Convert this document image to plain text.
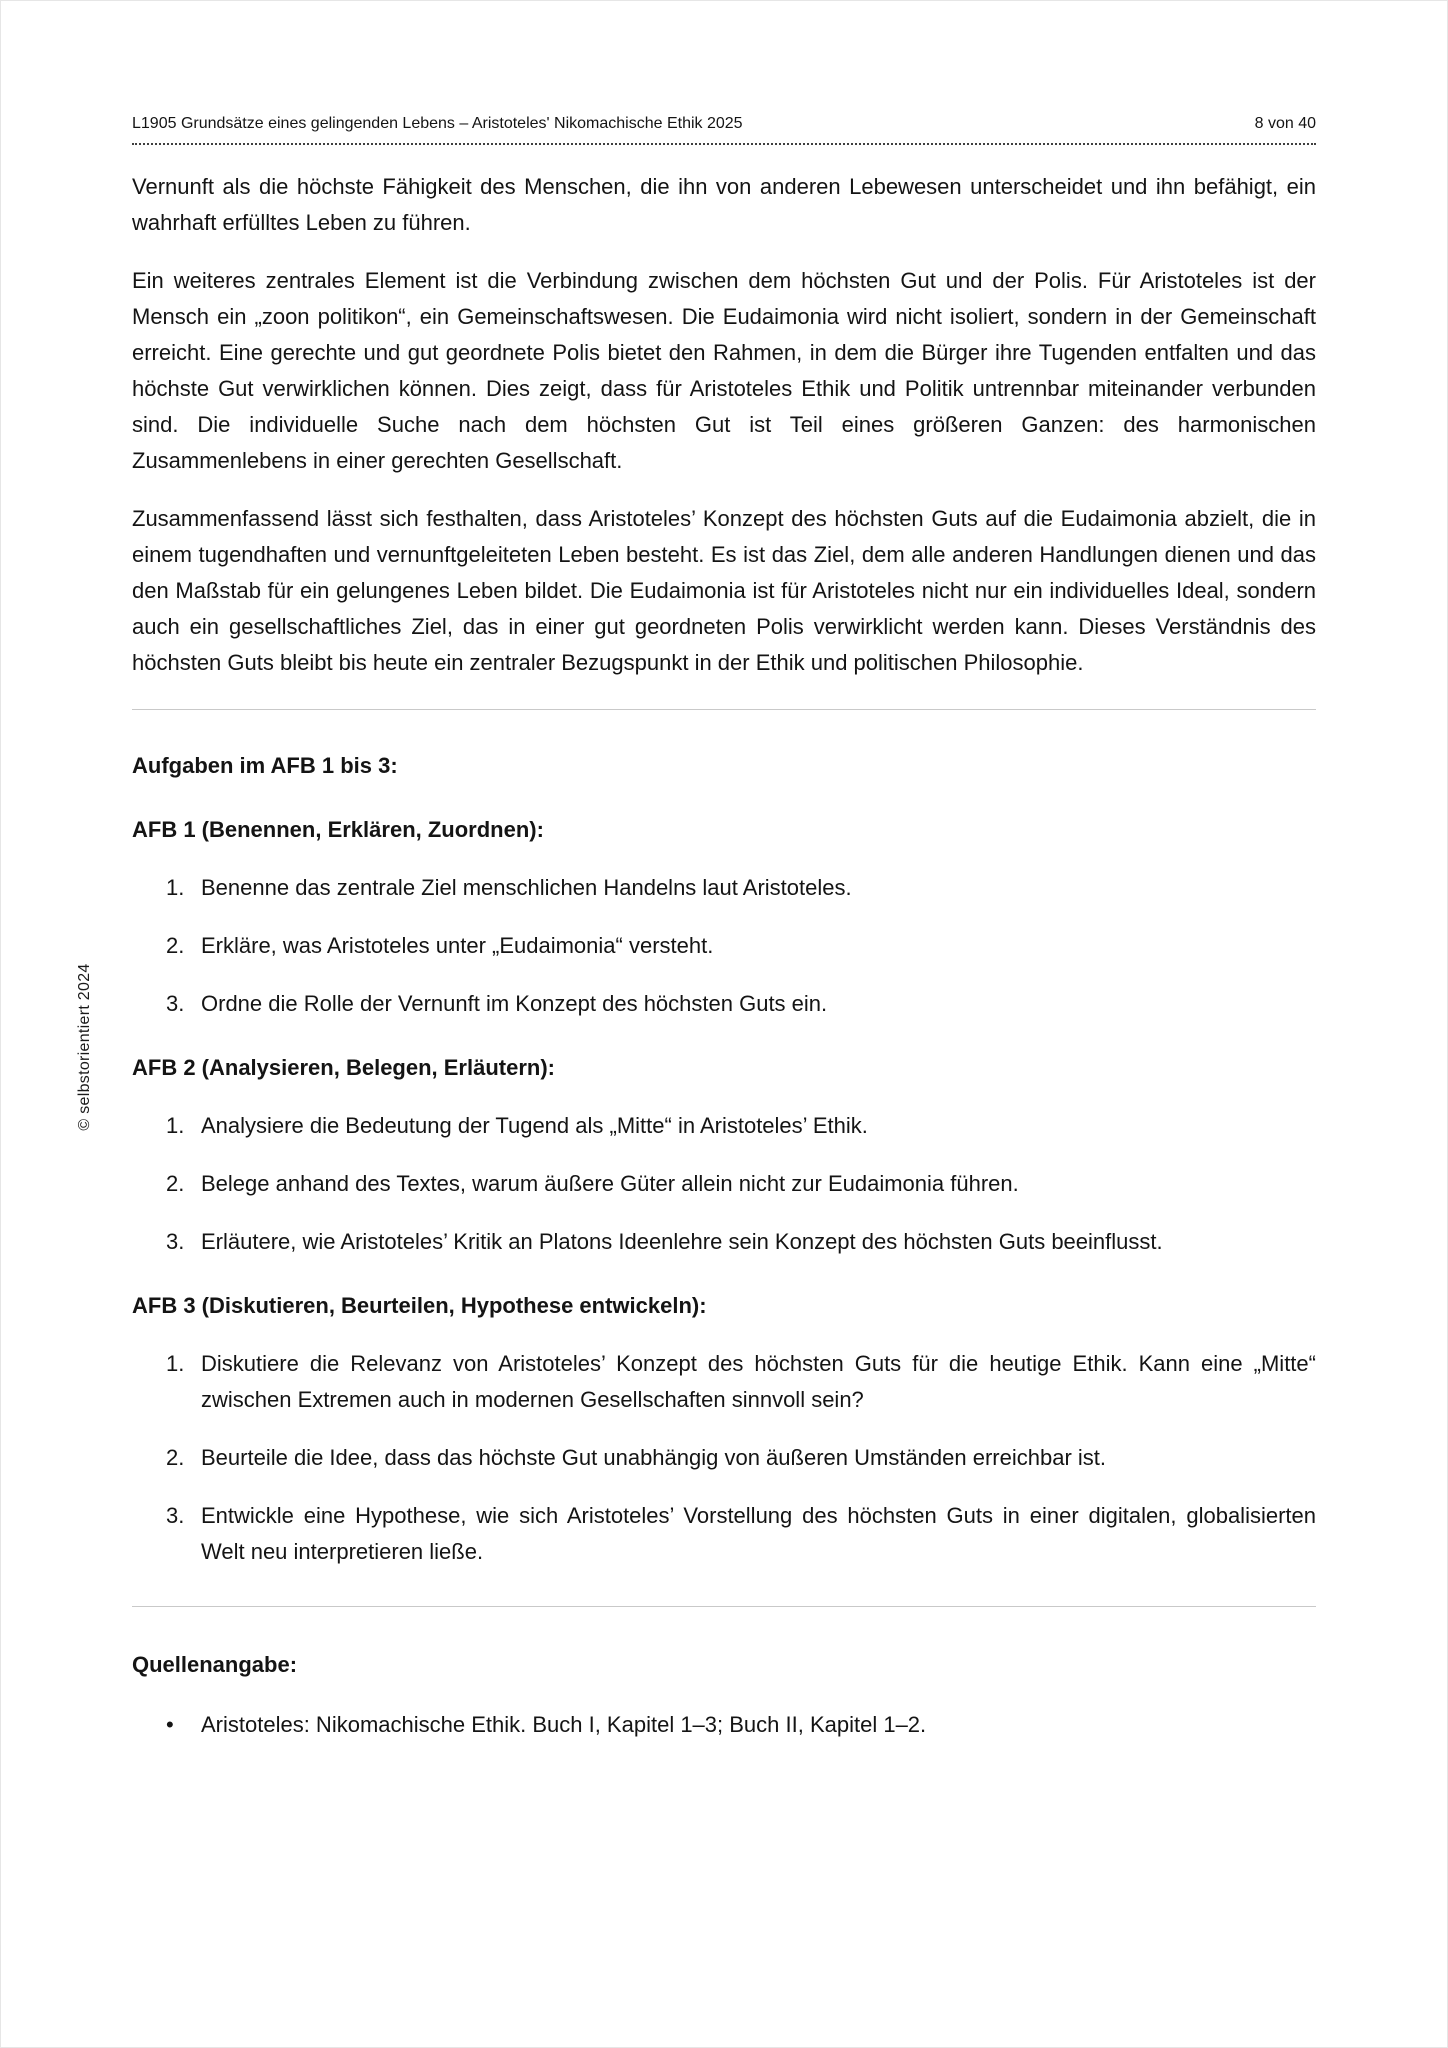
L1905 Grundsätze eines gelingenden Lebens – Aristoteles' Nikomachische Ethik 2025	8 von 40
© selbstorientiert 2024

Vernunft als die höchste Fähigkeit des Menschen, die ihn von anderen Lebewesen unterscheidet und ihn befähigt, ein wahrhaft erfülltes Leben zu führen.

Ein weiteres zentrales Element ist die Verbindung zwischen dem höchsten Gut und der Polis. Für Aristoteles ist der Mensch ein „zoon politikon“, ein Gemeinschaftswesen. Die Eudaimonia wird nicht isoliert, sondern in der Gemeinschaft erreicht. Eine gerechte und gut geordnete Polis bietet den Rahmen, in dem die Bürger ihre Tugenden entfalten und das höchste Gut verwirklichen können. Dies zeigt, dass für Aristoteles Ethik und Politik untrennbar miteinander verbunden sind. Die individuelle Suche nach dem höchsten Gut ist Teil eines größeren Ganzen: des harmonischen Zusammenlebens in einer gerechten Gesellschaft.

Zusammenfassend lässt sich festhalten, dass Aristoteles’ Konzept des höchsten Guts auf die Eudaimonia abzielt, die in einem tugendhaften und vernunftgeleiteten Leben besteht. Es ist das Ziel, dem alle anderen Handlungen dienen und das den Maßstab für ein gelungenes Leben bildet. Die Eudaimonia ist für Aristoteles nicht nur ein individuelles Ideal, sondern auch ein gesellschaftliches Ziel, das in einer gut geordneten Polis verwirklicht werden kann. Dieses Verständnis des höchsten Guts bleibt bis heute ein zentraler Bezugspunkt in der Ethik und politischen Philosophie.

Aufgaben im AFB 1 bis 3:

AFB 1 (Benennen, Erklären, Zuordnen):

1. Benenne das zentrale Ziel menschlichen Handelns laut Aristoteles.
2. Erkläre, was Aristoteles unter „Eudaimonia“ versteht.
3. Ordne die Rolle der Vernunft im Konzept des höchsten Guts ein.

AFB 2 (Analysieren, Belegen, Erläutern):

1. Analysiere die Bedeutung der Tugend als „Mitte“ in Aristoteles’ Ethik.
2. Belege anhand des Textes, warum äußere Güter allein nicht zur Eudaimonia führen.
3. Erläutere, wie Aristoteles’ Kritik an Platons Ideenlehre sein Konzept des höchsten Guts beeinflusst.

AFB 3 (Diskutieren, Beurteilen, Hypothese entwickeln):

1. Diskutiere die Relevanz von Aristoteles’ Konzept des höchsten Guts für die heutige Ethik. Kann eine „Mitte“ zwischen Extremen auch in modernen Gesellschaften sinnvoll sein?
2. Beurteile die Idee, dass das höchste Gut unabhängig von äußeren Umständen erreichbar ist.
3. Entwickle eine Hypothese, wie sich Aristoteles’ Vorstellung des höchsten Guts in einer digitalen, globalisierten Welt neu interpretieren ließe.

Quellenangabe:

• Aristoteles: Nikomachische Ethik. Buch I, Kapitel 1–3; Buch II, Kapitel 1–2.
